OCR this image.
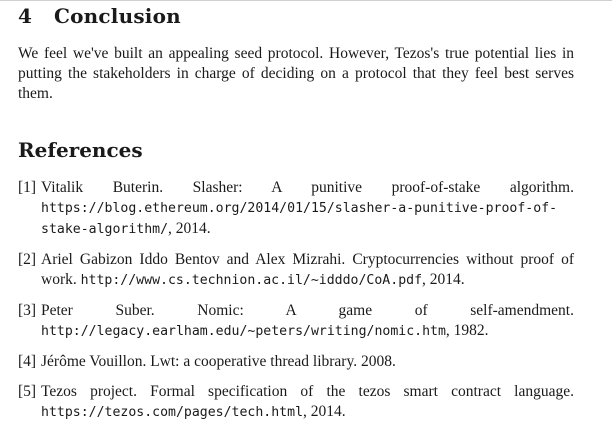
4 Conclusion

We feel we've built an appealing seed protocol. However, Tezos's true potential lies in putting the stakeholders in charge of deciding on a protocol that they feel best serves them.

References
[1] Vitalik Buterin. Slasher: A punitive proof-of-stake algorithm. https://blog.ethereum.org/2014/01/15/slasher-a-punitive-proof-of-stake-algorithm/, 2014.
[2] Ariel Gabizon Iddo Bentov and Alex Mizrahi. Cryptocurrencies without proof of work. http://www.cs.technion.ac.il/~idddo/CoA.pdf, 2014.
[3] Peter Suber. Nomic: A game of self-amendment. http://legacy.earlham.edu/~peters/writing/nomic.htm, 1982.
[4] Jérôme Vouillon. Lwt: a cooperative thread library. 2008.
[5] Tezos project. Formal specification of the tezos smart contract language. https://tezos.com/pages/tech.html, 2014.
